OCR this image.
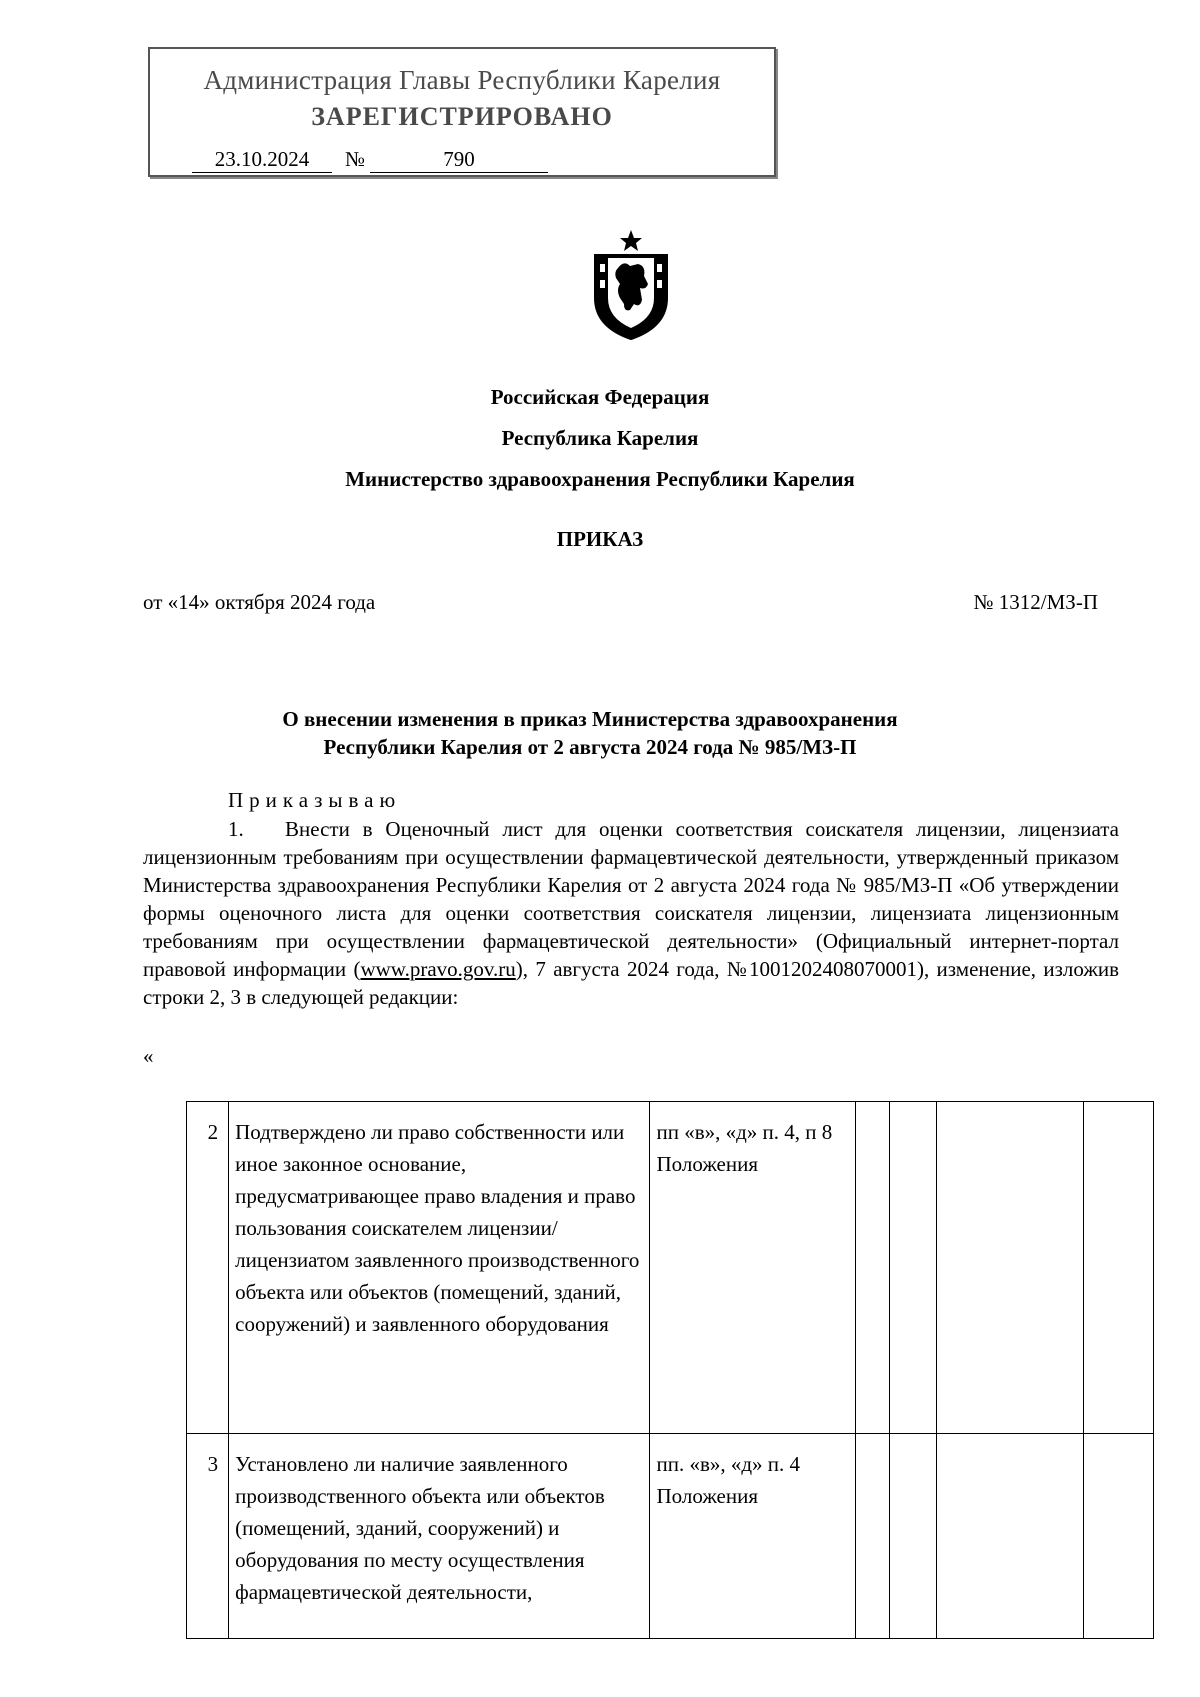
Администрация Главы Республики Карелия
ЗАРЕГИСТРИРОВАНО
23.10.2024	№	790
Российская Федерация
Республика Карелия
Министерство здравоохранения Республики Карелия
ПРИКАЗ
от «14» октября 2024 года	№ 1312/МЗ-П
О внесении изменения в приказ Министерства здравоохранения
Республики Карелия от 2 августа 2024 года № 985/МЗ-П
Приказываю
1. Внести в Оценочный лист для оценки соответствия соискателя лицензии, лицензиата лицензионным требованиям при осуществлении фармацевтической деятельности, утвержденный приказом Министерства здравоохранения Республики Карелия от 2 августа 2024 года № 985/МЗ-П «Об утверждении формы оценочного листа для оценки соответствия соискателя лицензии, лицензиата лицензионным требованиям при осуществлении фармацевтической деятельности» (Официальный интернет-портал правовой информации (www.pravo.gov.ru), 7 августа 2024 года, №1001202408070001), изменение, изложив строки 2, 3 в следующей редакции:
«
2	Подтверждено ли право собственности или иное законное основание, предусматривающее право владения и право пользования соискателем лицензии/лицензиатом заявленного производственного объекта или объектов (помещений, зданий, сооружений) и заявленного оборудования	пп «в», «д» п. 4, п 8 Положения				
3	Установлено ли наличие заявленного производственного объекта или объектов (помещений, зданий, сооружений) и оборудования по месту осуществления фармацевтической деятельности,	пп. «в», «д» п. 4 Положения				
